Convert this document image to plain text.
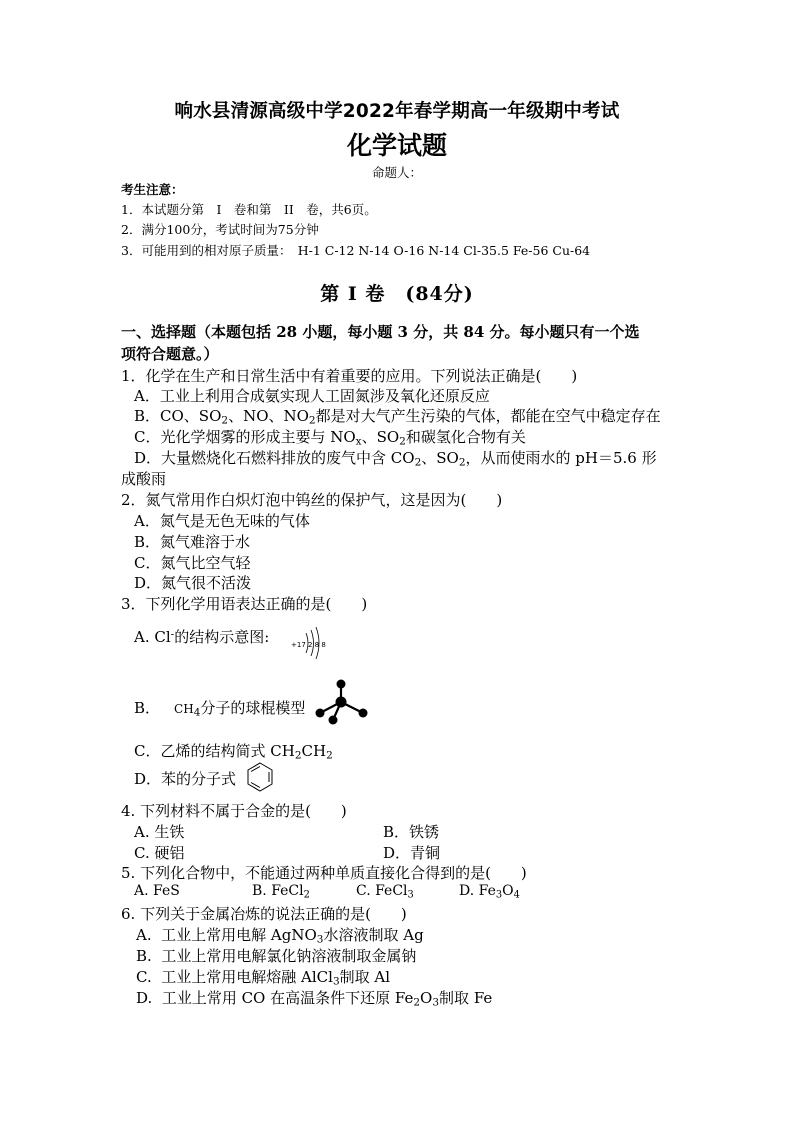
响水县清源高级中学2022年春学期高一年级期中考试
化学试题
命题人：
考生注意：
1．本试题分第　I　卷和第　II　卷，共6页。
2．满分100分，考试时间为75分钟
3．可能用到的相对原子质量：　H-1 C-12 N-14 O-16 N-14 Cl-35.5 Fe-56 Cu-64
第 I 卷　(84分)
一、选择题（本题包括 28 小题，每小题 3 分，共 84 分。每小题只有一个选
项符合题意。）
1．化学在生产和日常生活中有着重要的应用。下列说法正确是(　　)
A．工业上利用合成氨实现人工固氮涉及氧化还原反应
B．CO、$SO_2$、NO、$NO_2$都是对大气产生污染的气体，都能在空气中稳定存在
C．光化学烟雾的形成主要与 $NO_x$、$SO_2$和碳氢化合物有关
D．大量燃烧化石燃料排放的废气中含 $CO_2$、$SO_2$，从而使雨水的 pH＝5.6 形
成酸雨
2．氮气常用作白炽灯泡中钨丝的保护气，这是因为(　　)
A．氮气是无色无味的气体
B．氮气难溶于水
C．氮气比空气轻
D．氮气很不活泼
3．下列化学用语表达正确的是(　　)
A. Cl-的结构示意图:	+17 2 8 8
B． $CH_4$分子的球棍模型
C．乙烯的结构简式 $CH_2CH_2$
D．苯的分子式
4. 下列材料不属于合金的是(　　)
A. 生铁	B．铁锈
C. 硬铝	D．青铜
5. 下列化合物中，不能通过两种单质直接化合得到的是(　　)
A. FeS	B. FeCl$_2$	C. FeCl$_3$	D. $Fe_3O_4$
6. 下列关于金属冶炼的说法正确的是(　　)
A. 工业上常用电解 AgNO$_3$水溶液制取 Ag
B. 工业上常用电解氯化钠溶液制取金属钠
C. 工业上常用电解熔融 AlCl$_3$制取 Al
D. 工业上常用 CO 在高温条件下还原 $Fe_2O_3$制取 Fe
